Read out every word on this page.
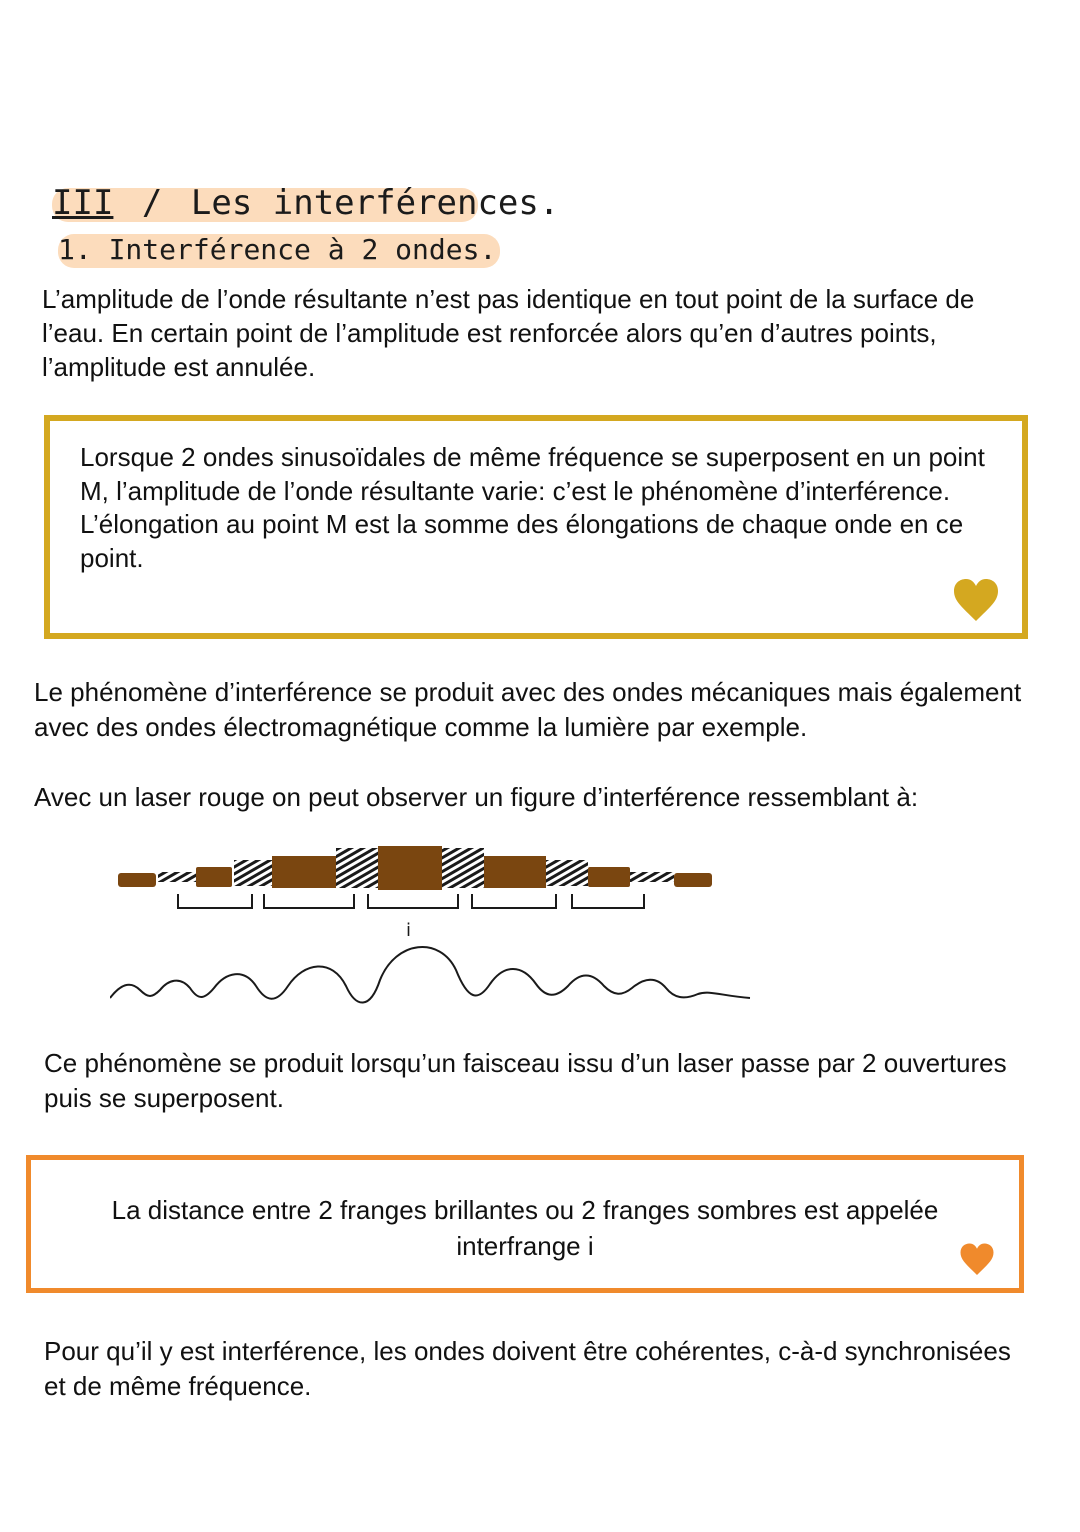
III / Les interférences.
1. Interférence à 2 ondes.

L’amplitude de l’onde résultante n’est pas identique en tout point de la surface de l’eau. En certain point de l’amplitude est renforcée alors qu’en d’autres points, l’amplitude est annulée.

Lorsque 2 ondes sinusoïdales de même fréquence se superposent en un point M, l’amplitude de l’onde résultante varie: c’est le phénomène d’interférence.

L’élongation au point M est la somme des élongations de chaque onde en ce point.

Le phénomène d’interférence se produit avec des ondes mécaniques mais également avec des ondes électromagnétique comme la lumière par exemple.

Avec un laser rouge on peut observer un figure d’interférence ressemblant à:

i

Ce phénomène se produit lorsqu’un faisceau issu d’un laser passe par 2 ouvertures puis se superposent.

La distance entre 2 franges brillantes ou 2 franges sombres est appelée interfrange i

Pour qu’il y est interférence, les ondes doivent être cohérentes, c-à-d synchronisées et de même fréquence.
